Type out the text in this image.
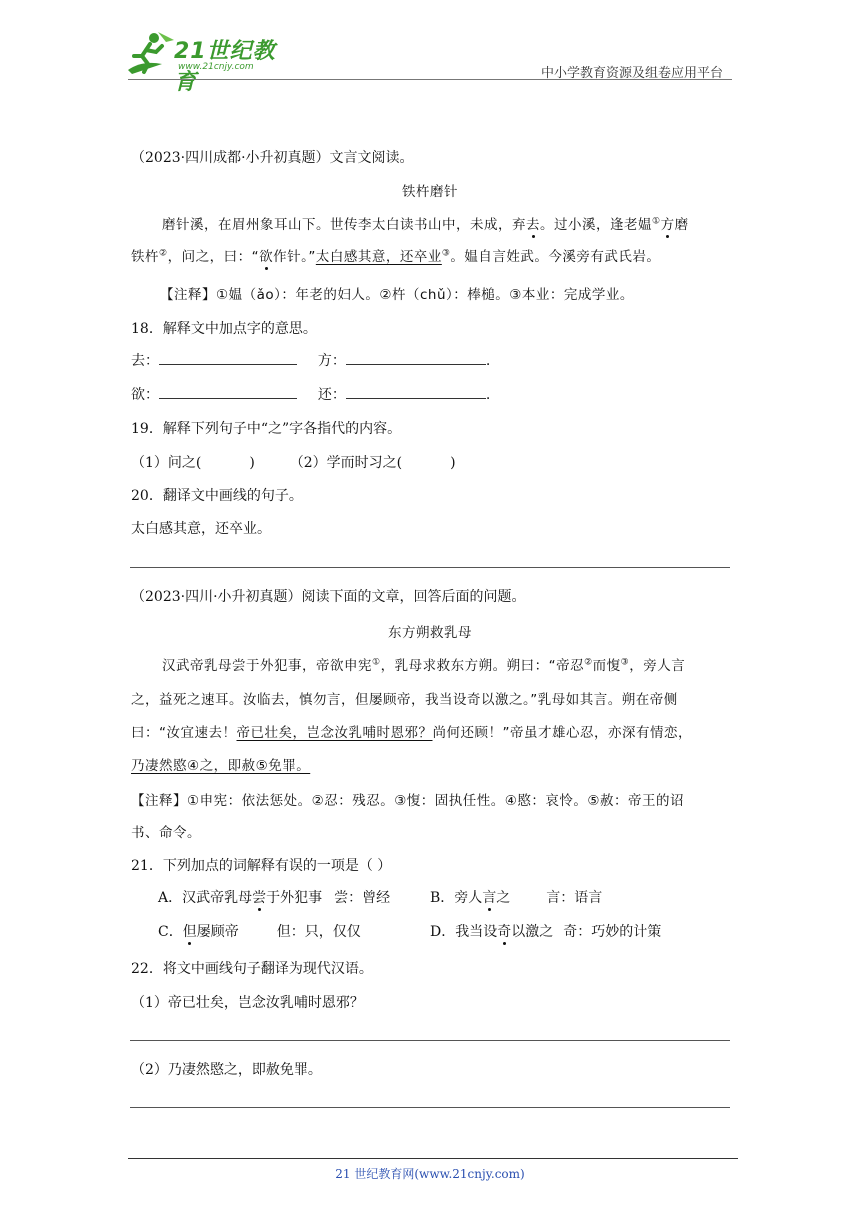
21世纪教育
www.21cnjy.com	中小学教育资源及组卷应用平台
（2023·四川成都·小升初真题）文言文阅读。
铁杵磨针
磨针溪，在眉州象耳山下。世传李太白读书山中，未成，弃去。过小溪，逢老媪①方磨
铁杵②，问之，曰：“欲作针。”太白感其意，还卒业③。媪自言姓武。今溪旁有武氏岩。
【注释】①媪（ǎo）：年老的妇人。②杵（chǔ）：棒槌。③本业：完成学业。
18．解释文中加点字的意思。
去：	方：	.
欲：	还：	.
19．解释下列句子中“之”字各指代的内容。
（1）问之(	) （2）学而时习之(	)
20．翻译文中画线的句子。
太白感其意，还卒业。
（2023·四川·小升初真题）阅读下面的文章，回答后面的问题。
东方朔救乳母
汉武帝乳母尝于外犯事，帝欲申宪①，乳母求救东方朔。朔曰：“帝忍②而愎③，旁人言
之，益死之速耳。汝临去，慎勿言，但屡顾帝，我当设奇以激之。”乳母如其言。朔在帝侧
曰：“汝宜速去！帝已壮矣，岂念汝乳哺时恩邪？尚何还顾！”帝虽才雄心忍，亦深有情恋，
乃凄然愍④之，即赦⑤免罪。
【注释】①申宪：依法惩处。②忍：残忍。③愎：固执任性。④愍：哀怜。⑤赦：帝王的诏
书、命令。
21．下列加点的词解释有误的一项是（ ）
A．汉武帝乳母尝于外犯事 尝：曾经	B．旁人言之	言：语言
C．但屡顾帝	但：只，仅仅	D．我当设奇以激之 奇：巧妙的计策
22．将文中画线句子翻译为现代汉语。
（1）帝已壮矣，岂念汝乳哺时恩邪？
（2）乃凄然愍之，即赦免罪。
21 世纪教育网(www.21cnjy.com)
